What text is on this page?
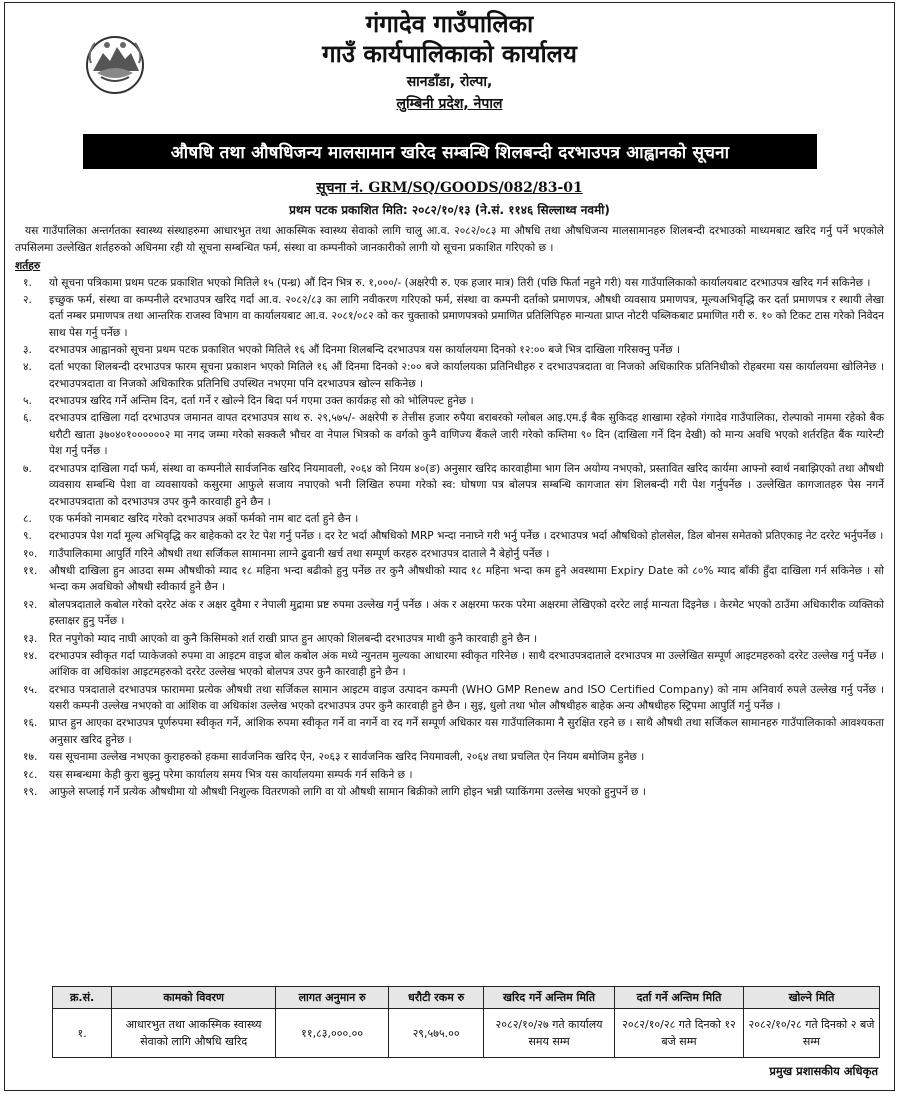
गंगादेव गाउँपालिका
गाउँ कार्यपालिकाको कार्यालय
सानडाँडा, रोल्पा,
लुम्बिनी प्रदेश, नेपाल
औषधि तथा औषधिजन्य मालसामान खरिद सम्बन्धि शिलबन्दी दरभाउपत्र आह्वानको सूचना
सूचना नं. GRM/SQ/GOODS/082/83-01
प्रथम पटक प्रकाशित मिति: २०८२/१०/१३ (ने.सं. ११४६ सिल्लाथ्व नवमी)

यस गाउँपालिका अन्तर्गतका स्वास्थ्य संस्थाहरुमा आधारभुत तथा आकस्मिक स्वास्थ्य सेवाको लागि चालु आ.व. २०८२/०८३ मा औषधि तथा औषधिजन्य मालसामानहरु शिलबन्दी दरभाउको माध्यमबाट खरिद गर्नु पर्ने भएकोले तपसिलमा उल्लेखित शर्तहरुको अधिनमा रही यो सूचना सम्बन्धित फर्म, संस्था वा कम्पनीको जानकारीको लागी यो सूचना प्रकाशित गरिएको छ ।

शर्तहरु
१.	यो सूचना पत्रिकामा प्रथम पटक प्रकाशित भएको मितिले १५ (पन्ध्र) औं दिन भित्र रु. १,०००/- (अक्षरेपी रु. एक हजार मात्र) तिरी (पछि फिर्ता नहुने गरी) यस गाउँपालिकाको कार्यालयबाट दरभाउपत्र खरिद गर्न सकिनेछ ।
२.	इच्छुक फर्म, संस्था वा कम्पनीले दरभाउपत्र खरिद गर्दा आ.व. २०८२/८३ का लागि नवीकरण गरिएको फर्म, संस्था वा कम्पनी दर्ताको प्रमाणपत्र, औषधी व्यवसाय प्रमाणपत्र, मूल्यअभिवृद्धि कर दर्ता प्रमाणपत्र र स्थायी लेखा दर्ता नम्बर प्रमाणपत्र तथा आन्तरिक राजस्व विभाग वा कार्यालयबाट आ.व. २०८१/०८२ को कर चुक्ताको प्रमाणपत्रको प्रमाणित प्रतिलिपिहरु मान्यता प्राप्त नोटरी पब्लिकबाट प्रमाणित गरी रु. १० को टिकट टास गरेको निवेदन साथ पेस गर्नु पर्नेछ ।
३.	दरभाउपत्र आह्वानको सूचना प्रथम पटक प्रकाशित भएको मितिले १६ औं दिनमा शिलबन्दि दरभाउपत्र यस कार्यालयमा दिनको १२:०० बजे भित्र दाखिला गरिसक्नु पर्नेछ ।
४.	दर्ता भएका शिलबन्दी दरभाउपत्र फारम सूचना प्रकाशन भएको मितिले १६ औं दिनमा दिनको २:०० बजे कार्यालयका प्रतिनिधीहरु र दरभाउपत्रदाता वा निजको अधिकारिक प्रतिनिधीको रोहबरमा यस कार्यालयमा खोलिनेछ । दरभाउपत्रदाता वा निजको अधिकारिक प्रतिनिधि उपस्थित नभएमा पनि दरभाउपत्र खोल्न सकिनेछ ।
५.	दरभाउपत्र खरिद गर्ने अन्तिम दिन, दर्ता गर्ने र खोल्ने दिन बिदा पर्न गएमा उक्त कार्यक्रह सो को भोलिपल्ट हुनेछ ।
६.	दरभाउपत्र दाखिला गर्दा दरभाउपत्र जमानत वापत दरभाउपत्र साथ रु. २९,५७५/- अक्षरेपी रु तेत्तीस हजार रुपैया बराबरको ग्लोबल आइ.एम.ई बैक सुकिदह शाखामा रहेको गंगादेव गाउँपालिका, रोल्पाको नाममा रहेको बैक धरौटी खाता ३७०४०१००००००२ मा नगद जम्मा गरेको सक्कलै भौचर वा नेपाल भित्रको क वर्गको कुनै वाणिज्य बैंकले जारी गरेको कम्तिमा ९० दिन (दाखिला गर्ने दिन देखी) को मान्य अवधि भएको शर्तरहित बैंक ग्यारेन्टी पेश गर्नु पर्नेछ ।
७.	दरभाउपत्र दाखिला गर्दा फर्म, संस्था वा कम्पनीले सार्वजनिक खरिद नियमावली, २०६४ को नियम ४०(ङ) अनुसार खरिद कारवाहीमा भाग लिन अयोग्य नभएको, प्रस्तावित खरिद कार्यमा आफ्नो स्वार्थ नबाझिएको तथा औषधी व्यवसाय सम्बन्धि पेशा वा व्यवसायको कसुरमा आफुले सजाय नपाएको भनी लिखित रुपमा गरेको स्व: घोषणा पत्र बोलपत्र सम्बन्धि कागजात संग शिलबन्दी गरी पेश गर्नुपर्नेछ । उल्लेखित कागजातहरु पेस नगर्ने दरभाउपत्रदाता को दरभाउपत्र उपर कुनै कारवाही हुने छैन ।
८.	एक फर्मको नामबाट खरिद गरेको दरभाउपत्र अर्को फर्मको नाम बाट दर्ता हुने छैन ।
९.	दरभाउपत्र पेश गर्दा मूल्य अभिवृद्धि कर बाहेकको दर रेट पेश गर्नु पर्नेछ । दर रेट भर्दा औषधिको MRP भन्दा ननाघ्ने गरी भर्नु पर्नेछ । दरभाउपत्र भर्दा औषधिको होलसेल, डिल बोनस समेतको प्रतिएकाइ नेट दररेट भर्नुपर्नेछ ।
१०.	गाउँपालिकामा आपुर्ति गरिने औषधी तथा सर्जिकल सामानमा लाग्ने ढुवानी खर्च तथा सम्पूर्ण करहरु दरभाउपत्र दाताले नै बेहोर्नु पर्नेछ ।
११.	औषधी दाखिला हुन आउदा सम्म औषधीको म्याद १८ महिना भन्दा बढीको हुनु पर्नेछ तर कुनै औषधीको म्याद १८ महिना भन्दा कम हुने अवस्थामा Expiry Date को ८०% म्याद बाँकी हुँदा दाखिला गर्न सकिनेछ । सो भन्दा कम अवधिको औषधी स्वीकार्य हुने छैन ।
१२.	बोलपत्रदाताले कबोल गरेको दररेट अंक र अक्षर दुवैमा र नेपाली मुद्रामा प्रष्ट रुपमा उल्लेख गर्नु पर्नेछ । अंक र अक्षरमा फरक परेमा अक्षरमा लेखिएको दररेट लाई मान्यता दिइनेछ । केरमेट भएको ठाउँमा अधिकारीक व्यक्तिको हस्ताक्षर हुनु पर्नेछ ।
१३.	रित नपुगेको म्याद नाघी आएको वा कुनै किसिमको शर्त राखी प्राप्त हुन आएको शिलबन्दी दरभाउपत्र माथी कुनै कारवाही हुने छैन ।
१४.	दरभाउपत्र स्वीकृत गर्दा प्याकेजको रुपमा वा आइटम वाइज बोल कबोल अंक मध्ये न्युनतम मुल्यका आधारमा स्वीकृत गरिनेछ । साथै दरभाउपत्रदाताले दरभाउपत्र मा उल्लेखित सम्पूर्ण आइटमहरुको दररेट उल्लेख गर्नु पर्नेछ । आंशिक वा अधिकांश आइटमहरुको दररेट उल्लेख भएको बोलपत्र उपर कुनै कारवाही हुने छैन ।
१५.	दरभाउ पत्रदाताले दरभाउपत्र फाराममा प्रत्येक औषधी तथा सर्जिकल सामान आइटम वाइज उत्पादन कम्पनी (WHO GMP Renew and ISO Certified Company) को नाम अनिवार्य रुपले उल्लेख गर्नु पर्नेछ । यसरी कम्पनी उल्लेख नभएको वा आंशिक वा अधिकांश उल्लेख भएको दरभाउपत्र उपर कुनै कारवाही हुने छैन । सुइ, धुलो तथा भोल औषधीहरु बाहेक अन्य औषधीहरु स्ट्रिपमा आपुर्ति गर्नु पर्नेछ ।
१६.	प्राप्त हुन आएका दरभाउपत्र पूर्णरुपमा स्वीकृत गर्ने, आंशिक रुपमा स्वीकृत गर्ने वा नगर्ने वा रद गर्ने सम्पूर्ण अधिकार यस गाउँपालिकामा नै सुरक्षित रहने छ । साथै औषधी तथा सर्जिकल सामानहरु गाउँपालिकाको आवश्यकता अनुसार खरिद हुनेछ ।
१७.	यस सूचनामा उल्लेख नभएका कुराहरुको हकमा सार्वजनिक खरिद ऐन, २०६३ र सार्वजनिक खरिद नियमावली, २०६४ तथा प्रचलित ऐन नियम बमोजिम हुनेछ ।
१८.	यस सम्बन्धमा केही कुरा बुझ्नु परेमा कार्यालय समय भित्र यस कार्यालयमा सम्पर्क गर्न सकिने छ ।
१९.	आफुले सप्लाई गर्ने प्रत्येक औषधीमा यो औषधी निशुल्क वितरणको लागि वा यो औषधी सामान बिक्रीको लागि होइन भन्नी प्याकिंगमा उल्लेख भएको हुनुपर्ने छ ।
क्र.सं.	कामको विवरण	लागत अनुमान रु	धरौटी रकम रु	खरिद गर्ने अन्तिम मिति	दर्ता गर्ने अन्तिम मिति	खोल्ने मिति
१.	आधारभुत तथा आकस्मिक स्वास्थ्य सेवाको लागि औषधि खरिद	११,८३,०००.००	२९,५७५.००	२०८२/१०/२७ गते कार्यालय समय सम्म	२०८२/१०/२८ गते दिनको १२ बजे सम्म	२०८२/१०/२८ गते दिनको २ बजे सम्म
प्रमुख प्रशासकीय अधिकृत
